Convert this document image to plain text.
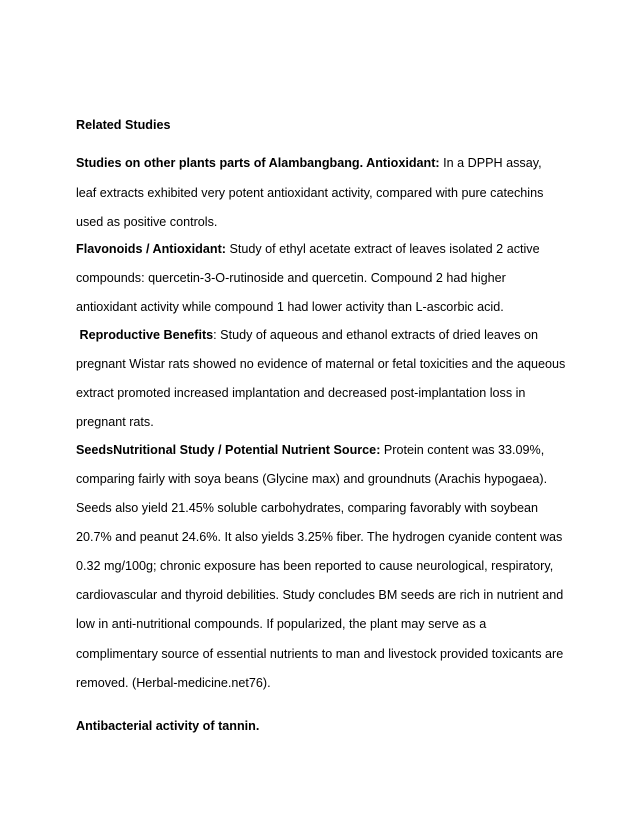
Related Studies
Studies on other plants parts of Alambangbang. Antioxidant: In a DPPH assay,
leaf extracts exhibited very potent antioxidant activity, compared with pure catechins
used as positive controls.
Flavonoids / Antioxidant: Study of ethyl acetate extract of leaves isolated 2 active
compounds: quercetin-3-O-rutinoside and quercetin. Compound 2 had higher
antioxidant activity while compound 1 had lower activity than L-ascorbic acid.
Reproductive Benefits: Study of aqueous and ethanol extracts of dried leaves on
pregnant Wistar rats showed no evidence of maternal or fetal toxicities and the aqueous
extract promoted increased implantation and decreased post-implantation loss in
pregnant rats.
SeedsNutritional Study / Potential Nutrient Source: Protein content was 33.09%,
comparing fairly with soya beans (Glycine max) and groundnuts (Arachis hypogaea).
Seeds also yield 21.45% soluble carbohydrates, comparing favorably with soybean
20.7% and peanut 24.6%. It also yields 3.25% fiber. The hydrogen cyanide content was
0.32 mg/100g; chronic exposure has been reported to cause neurological, respiratory,
cardiovascular and thyroid debilities. Study concludes BM seeds are rich in nutrient and
low in anti-nutritional compounds. If popularized, the plant may serve as a
complimentary source of essential nutrients to man and livestock provided toxicants are
removed. (Herbal-medicine.net76).
Antibacterial activity of tannin.
